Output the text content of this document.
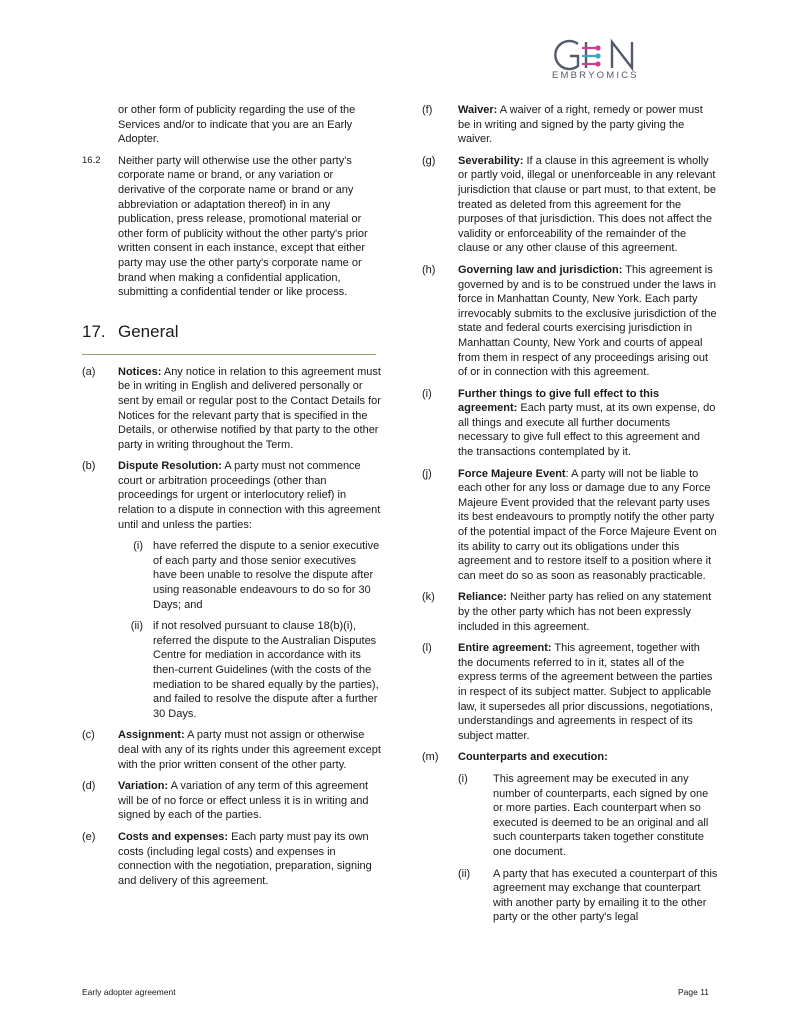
EMBRYOMICS
or other form of publicity regarding the use of the Services and/or to indicate that you are an Early Adopter.
16.2	Neither party will otherwise use the other party's corporate name or brand, or any variation or derivative of the corporate name or brand or any abbreviation or adaptation thereof) in in any publication, press release, promotional material or other form of publicity without the other party's prior written consent in each instance, except that either party may use the other party's corporate name or brand when making a confidential application, submitting a confidential tender or like process.
17. General
(a)	Notices: Any notice in relation to this agreement must be in writing in English and delivered personally or sent by email or regular post to the Contact Details for Notices for the relevant party that is specified in the Details, or otherwise notified by that party to the other party in writing throughout the Term.
(b)	Dispute Resolution: A party must not commence court or arbitration proceedings (other than proceedings for urgent or interlocutory relief) in relation to a dispute in connection with this agreement until and unless the parties:
(i) have referred the dispute to a senior executive of each party and those senior executives have been unable to resolve the dispute after using reasonable endeavours to do so for 30 Days; and
(ii) if not resolved pursuant to clause 18(b)(i), referred the dispute to the Australian Disputes Centre for mediation in accordance with its then-current Guidelines (with the costs of the mediation to be shared equally by the parties), and failed to resolve the dispute after a further 30 Days.
(c)	Assignment: A party must not assign or otherwise deal with any of its rights under this agreement except with the prior written consent of the other party.
(d)	Variation: A variation of any term of this agreement will be of no force or effect unless it is in writing and signed by each of the parties.
(e)	Costs and expenses: Each party must pay its own costs (including legal costs) and expenses in connection with the negotiation, preparation, signing and delivery of this agreement.
(f)	Waiver: A waiver of a right, remedy or power must be in writing and signed by the party giving the waiver.
(g)	Severability: If a clause in this agreement is wholly or partly void, illegal or unenforceable in any relevant jurisdiction that clause or part must, to that extent, be treated as deleted from this agreement for the purposes of that jurisdiction. This does not affect the validity or enforceability of the remainder of the clause or any other clause of this agreement.
(h)	Governing law and jurisdiction: This agreement is governed by and is to be construed under the laws in force in Manhattan County, New York. Each party irrevocably submits to the exclusive jurisdiction of the state and federal courts exercising jurisdiction in Manhattan County, New York and courts of appeal from them in respect of any proceedings arising out of or in connection with this agreement.
(i)	Further things to give full effect to this agreement: Each party must, at its own expense, do all things and execute all further documents necessary to give full effect to this agreement and the transactions contemplated by it.
(j)	Force Majeure Event: A party will not be liable to each other for any loss or damage due to any Force Majeure Event provided that the relevant party uses its best endeavours to promptly notify the other party of the potential impact of the Force Majeure Event on its ability to carry out its obligations under this agreement and to restore itself to a position where it can meet do so as soon as reasonably practicable.
(k)	Reliance: Neither party has relied on any statement by the other party which has not been expressly included in this agreement.
(l)	Entire agreement: This agreement, together with the documents referred to in it, states all of the express terms of the agreement between the parties in respect of its subject matter. Subject to applicable law, it supersedes all prior discussions, negotiations, understandings and agreements in respect of its subject matter.
(m)	Counterparts and execution:
(i)	This agreement may be executed in any number of counterparts, each signed by one or more parties. Each counterpart when so executed is deemed to be an original and all such counterparts taken together constitute one document.
(ii)	A party that has executed a counterpart of this agreement may exchange that counterpart with another party by emailing it to the other party or the other party's legal
Early adopter agreement	Page 11
